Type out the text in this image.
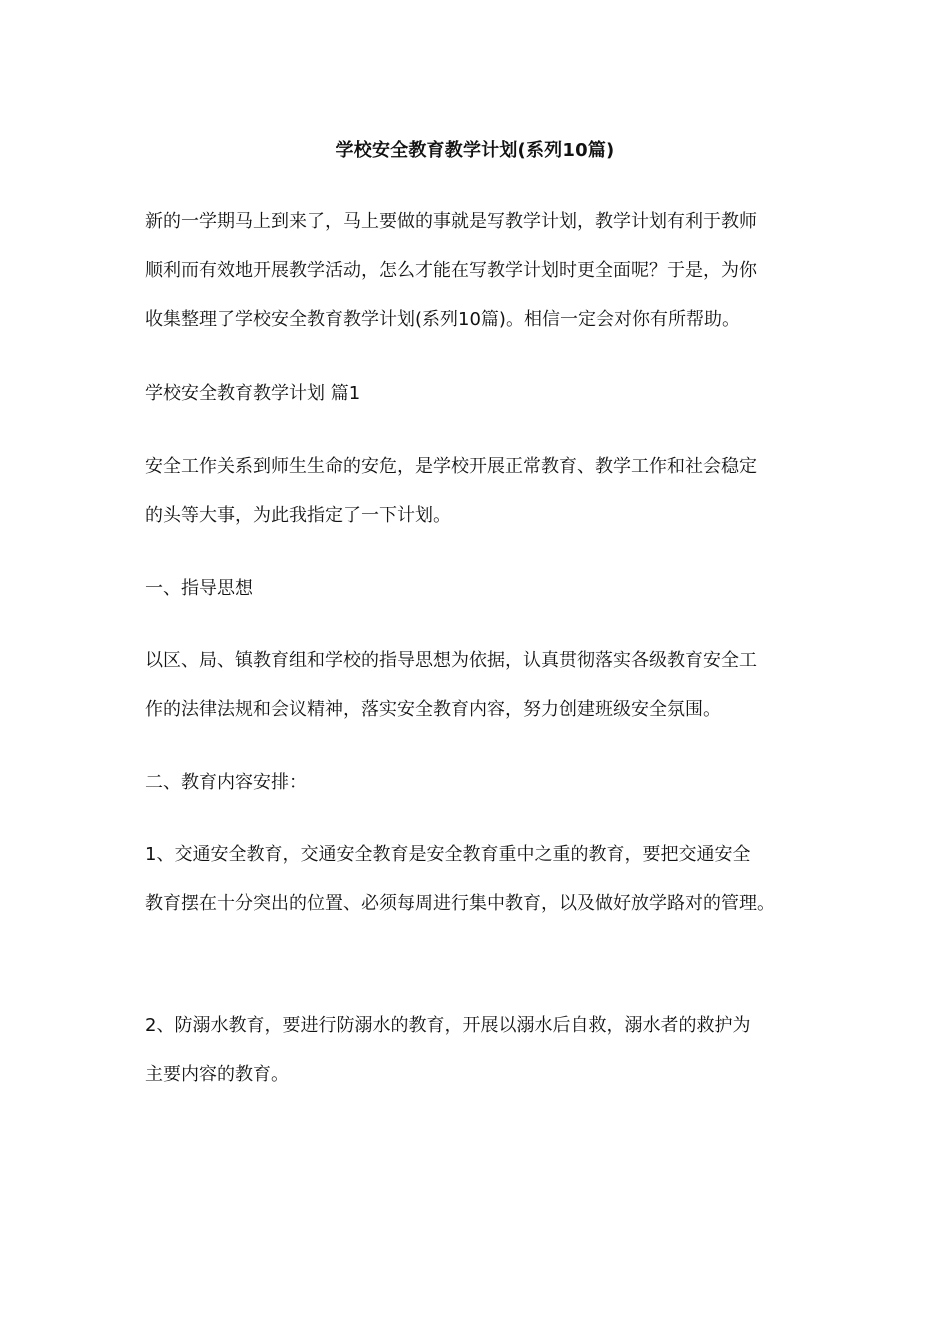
学校安全教育教学计划(系列10篇)

新的一学期马上到来了，马上要做的事就是写教学计划，教学计划有利于教师
顺利而有效地开展教学活动，怎么才能在写教学计划时更全面呢？于是，为你
收集整理了学校安全教育教学计划(系列10篇)。相信一定会对你有所帮助。

学校安全教育教学计划 篇1

安全工作关系到师生生命的安危，是学校开展正常教育、教学工作和社会稳定
的头等大事，为此我指定了一下计划。

一、指导思想

以区、局、镇教育组和学校的指导思想为依据，认真贯彻落实各级教育安全工
作的法律法规和会议精神，落实安全教育内容，努力创建班级安全氛围。

二、教育内容安排：

1、交通安全教育，交通安全教育是安全教育重中之重的教育，要把交通安全
教育摆在十分突出的位置、必须每周进行集中教育，以及做好放学路对的管理。

2、防溺水教育，要进行防溺水的教育，开展以溺水后自救，溺水者的救护为
主要内容的教育。
